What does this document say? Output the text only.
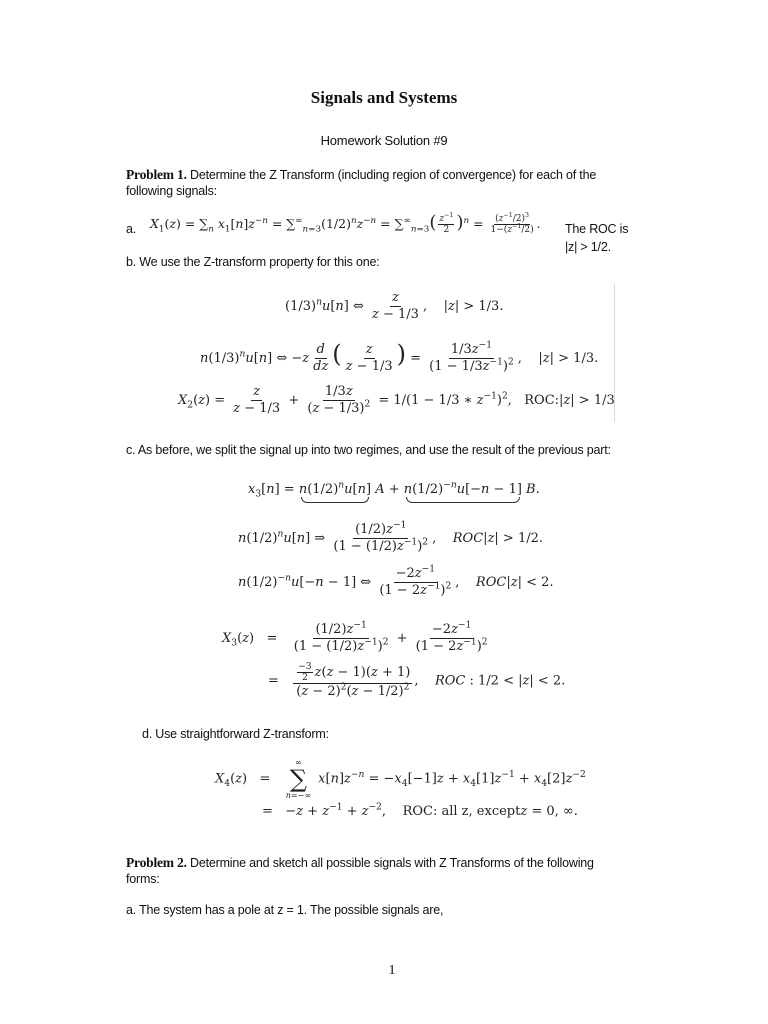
Signals and Systems
Homework Solution #9
Problem 1. Determine the Z Transform (including region of convergence) for each of the
following signals:
a. $X_1(z) = \sum_n$ $x_1[n]z^{-n} = \sum^\infty_{n=3}(1/2)^nz^{-n} = \sum^\infty_{n=3}( \frac{z^{-1}}{2} )^n = \frac{(z^{-1}/2)^3}{1-(z^{-1}/2)}$ . The ROC is
|z| > 1/2.
b. We use the Z-transform property for this one:
$(1/3)^nu[n]$ ⇔ $\frac{z}{z - 1/3}$ ,    |z| > 1/3.
$n(1/3)^nu[n]$ ⇔ $-z \frac{d}{dz}$ ( $\frac{z}{z - 1/3}$ ) = $\frac{1/3z^{-1}}{(1 - 1/3z^{-1})^2}$ ,    |z| > 1/3.
$X_2(z) = \frac{z}{z - 1/3} + \frac{1/3z}{(z - 1/3)^2} = 1/(1 - 1/3$ ∗ $z^{-1})^2$,   ROC:|z| > 1/3
c. As before, we split the signal up into two regimes, and use the result of the previous part:
$x_3[n] = n(1/2)^nu[n] A + n(1/2)^{-n}u[-n - 1]$ B.
$n(1/2)^nu[n]$ ⇒ $\frac{(1/2)z^{-1}}{(1 - (1/2)z^{-1})^2}$ ,    ROC|z| > 1/2.
$n(1/2)^{-n}u[-n - 1]$ ⇔ $\frac{-2z^{-1}}{(1 - 2z^{-1})^2}$ ,    ROC|z| < 2.
$X_3(z) = \frac{(1/2)z^{-1}}{(1 - (1/2)z^{-1})^2} + \frac{-2z^{-1}}{(1 - 2z^{-1})^2}$
= $\frac{\frac{-3}{2} z(z - 1)(z + 1)}{(z - 2)^2(z - 1/2)^2}$ ,    ROC : 1/2 < |z| < 2.
d. Use straightforward Z-transform:
$X_4(z)$   =
∞
∑
n=−∞
$x[n]z^{-n} = -x_4[-1]z + x_4[1]z^{-1} + x_4[2]z^{-2}$
=   $-z + z^{-1} + z^{-2}$,    ROC: all z, exceptz = 0, ∞.
Problem 2. Determine and sketch all possible signals with Z Transforms of the following
forms:
a. The system has a pole at z = 1. The possible signals are,
1
